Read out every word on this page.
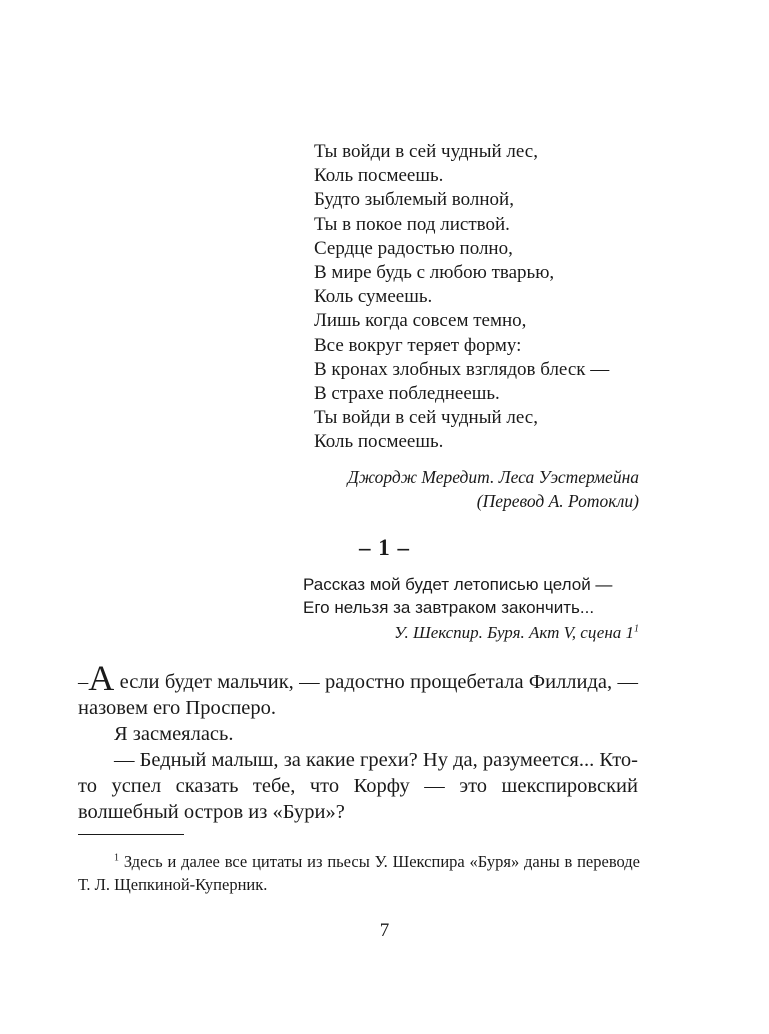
Ты войди в сей чудный лес,
Коль посмеешь.
Будто зыблемый волной,
Ты в покое под листвой.
Сердце радостью полно,
В мире будь с любою тварью,
Коль сумеешь.
Лишь когда совсем темно,
Все вокруг теряет форму:
В кронах злобных взглядов блеск —
В страхе побледнеешь.
Ты войди в сей чудный лес,
Коль посмеешь.
Джордж Мередит. Леса Уэстермейна
(Перевод А. Ротокли)
– 1 –
Рассказ мой будет летописью целой —
Его нельзя за завтраком закончить...
У. Шекспир. Буря. Акт V, сцена $1^1$

–А если будет мальчик, — радостно прощебетала Филлида, — назовем его Просперо.

Я засмеялась.

— Бедный малыш, за какие грехи? Ну да, разумеется... Кто-то успел сказать тебе, что Корфу — это шекспировский волшебный остров из «Бури»?

$^1$ Здесь и далее все цитаты из пьесы У. Шекспира «Буря» даны в переводе Т. Л. Щепкиной-Куперник.
7
